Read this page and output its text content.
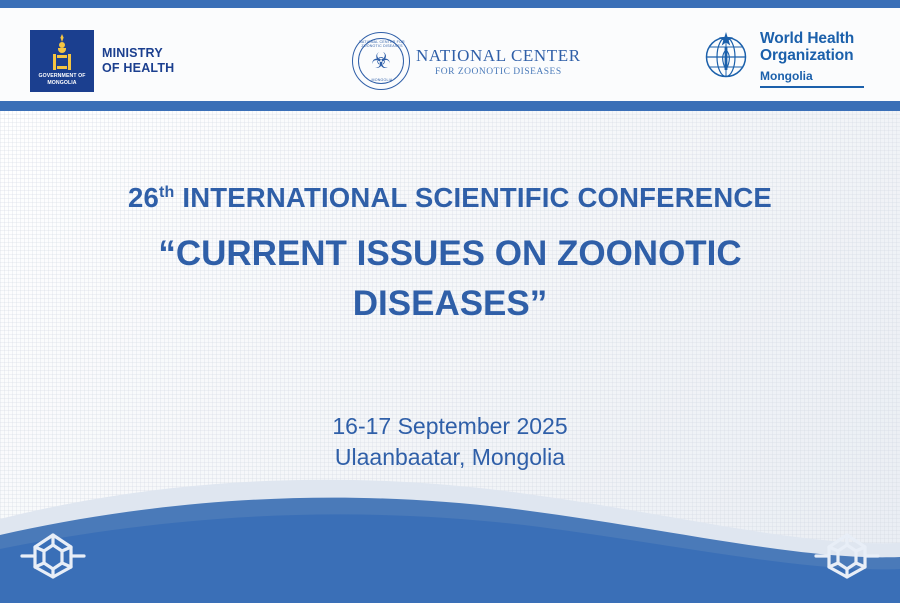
GOVERNMENT OF
MONGOLIA
MINISTRY
OF HEALTH
NATIONAL CENTER FOR ZOONOTIC DISEASES
☣
MONGOLIA
NATIONAL CENTER
FOR ZOONOTIC DISEASES
World Health
Organization
Mongolia
26th INTERNATIONAL SCIENTIFIC CONFERENCE
“CURRENT ISSUES ON ZOONOTIC DISEASES”
16-17 September 2025
Ulaanbaatar, Mongolia
